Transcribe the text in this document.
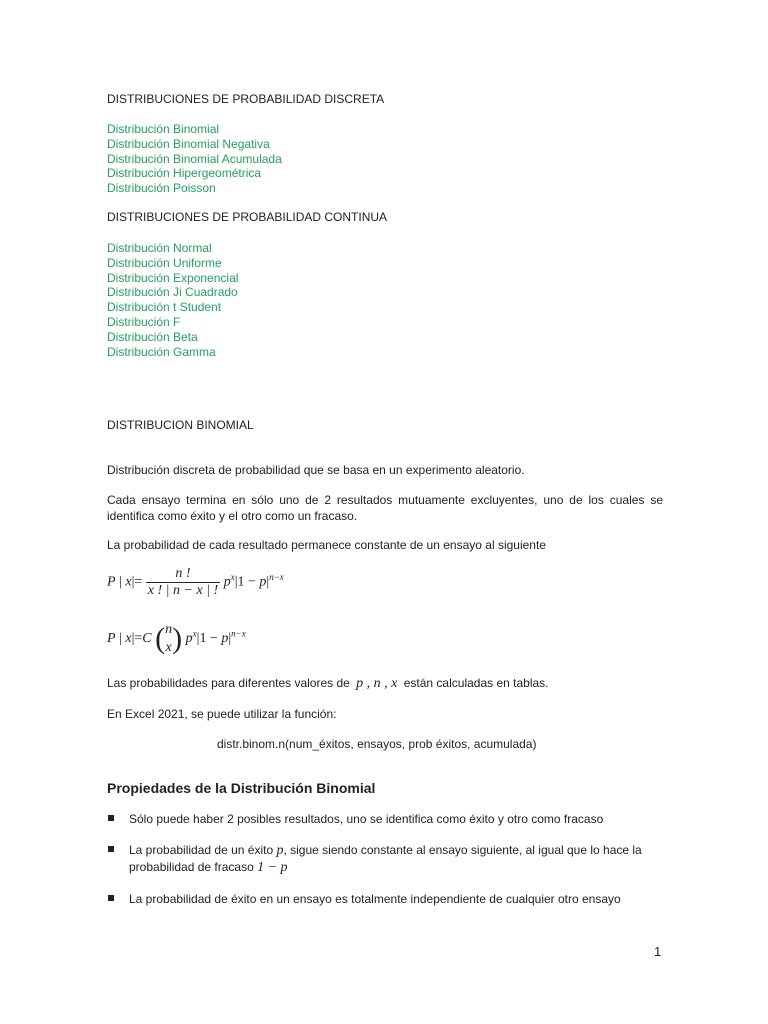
DISTRIBUCIONES DE PROBABILIDAD DISCRETA
Distribución Binomial
Distribución Binomial Negativa
Distribución Binomial Acumulada
Distribución Hipergeométrica
Distribución Poisson
DISTRIBUCIONES DE PROBABILIDAD CONTINUA
Distribución Normal
Distribución Uniforme
Distribución Exponencial
Distribución Ji Cuadrado
Distribución t Student
Distribución F
Distribución Beta
Distribución Gamma
DISTRIBUCION BINOMIAL
Distribución discreta de probabilidad que se basa en un experimento aleatorio.
Cada ensayo termina en sólo uno de 2 resultados mutuamente excluyentes, uno de los cuales se identifica como éxito y el otro como un fracaso.
La probabilidad de cada resultado permanece constante de un ensayo al siguiente
P | $x|= \frac{n !}{x ! | n - x | !} p^x|1 - p|^{n-x}$
P | x|=C (n
x) $p^x|1 - p|^{n-x}$
Las probabilidades para diferentes valores de p , n , x están calculadas en tablas.
En Excel 2021, se puede utilizar la función:
distr.binom.n(num_éxitos, ensayos, prob éxitos, acumulada)
Propiedades de la Distribución Binomial
Sólo puede haber 2 posibles resultados, uno se identifica como éxito y otro como fracaso
La probabilidad de un éxito p, sigue siendo constante al ensayo siguiente, al igual que lo hace la probabilidad de fracaso 1 − p
La probabilidad de éxito en un ensayo es totalmente independiente de cualquier otro ensayo
1
